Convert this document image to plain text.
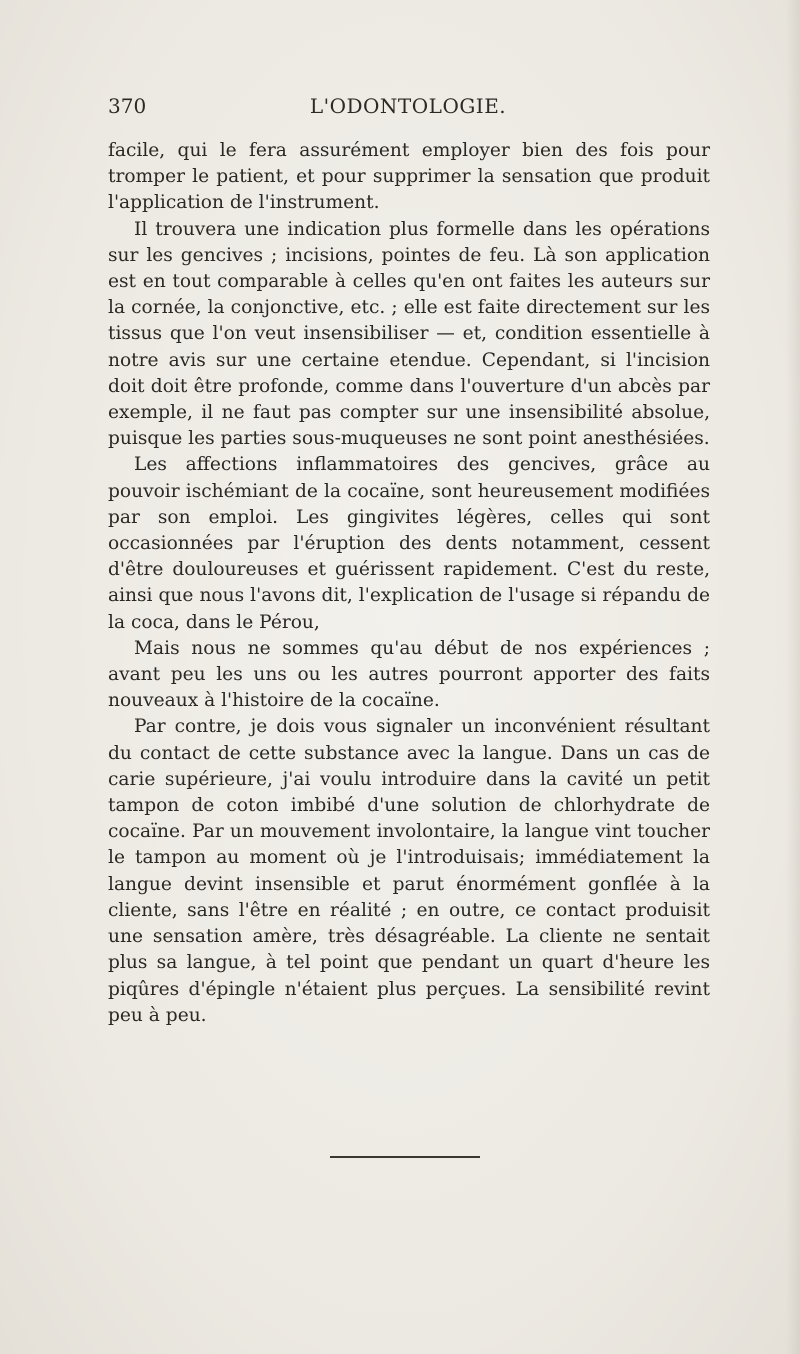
370	L'ODONTOLOGIE.

facile, qui le fera assurément employer bien des fois pour tromper le patient, et pour supprimer la sensation que produit l'application de l'instrument.

Il trouvera une indication plus formelle dans les opérations sur les gencives ; incisions, pointes de feu. Là son application est en tout comparable à celles qu'en ont faites les auteurs sur la cornée, la conjonctive, etc. ; elle est faite directement sur les tissus que l'on veut insensibiliser — et, condition essentielle à notre avis sur une certaine etendue. Cependant, si l'incision doit doit être profonde, comme dans l'ouverture d'un abcès par exemple, il ne faut pas compter sur une insensibilité absolue, puisque les parties sous-muqueuses ne sont point anesthésiées.

Les affections inflammatoires des gencives, grâce au pouvoir ischémiant de la cocaïne, sont heureusement modifiées par son emploi. Les gingivites légères, celles qui sont occasionnées par l'éruption des dents notamment, cessent d'être douloureuses et guérissent rapidement. C'est du reste, ainsi que nous l'avons dit, l'explication de l'usage si répandu de la coca, dans le Pérou,

Mais nous ne sommes qu'au début de nos expériences ; avant peu les uns ou les autres pourront apporter des faits nouveaux à l'histoire de la cocaïne.

Par contre, je dois vous signaler un inconvénient résultant du contact de cette substance avec la langue. Dans un cas de carie supérieure, j'ai voulu introduire dans la cavité un petit tampon de coton imbibé d'une solution de chlorhydrate de cocaïne. Par un mouvement involontaire, la langue vint toucher le tampon au moment où je l'introduisais; immédiatement la langue devint insensible et parut énormément gonflée à la cliente, sans l'être en réalité ; en outre, ce contact produisit une sensation amère, très désagréable. La cliente ne sentait plus sa langue, à tel point que pendant un quart d'heure les piqûres d'épingle n'étaient plus perçues. La sensibilité revint peu à peu.
